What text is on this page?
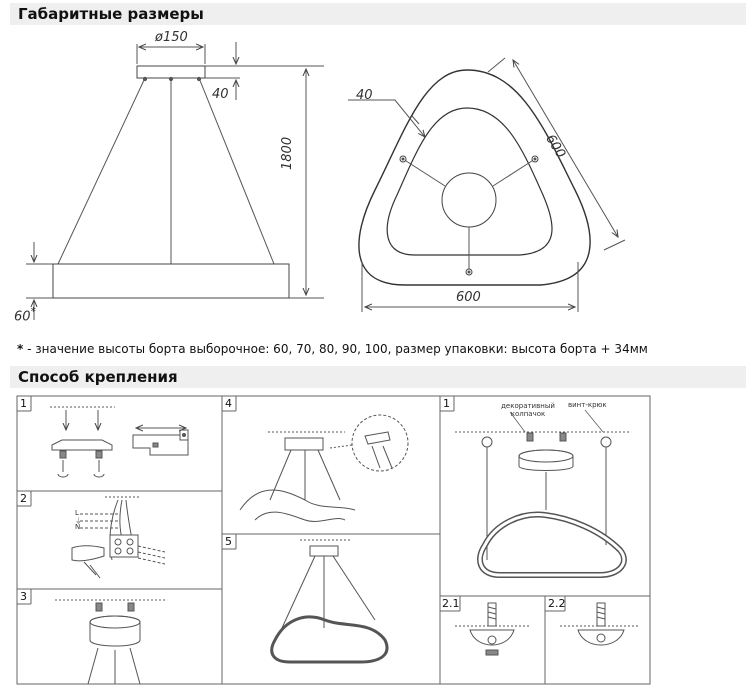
Габаритные размеры
Способ крепления
ø150
40
1800
60*
40
600
600
* - значение высоты борта выборочное: 60, 70, 80, 90, 100, размер упаковки: высота борта + 34мм
1
2
3
4
5
1
2.1	2.2
декоративный колпачок
винт-крюк
L
⏚
N
